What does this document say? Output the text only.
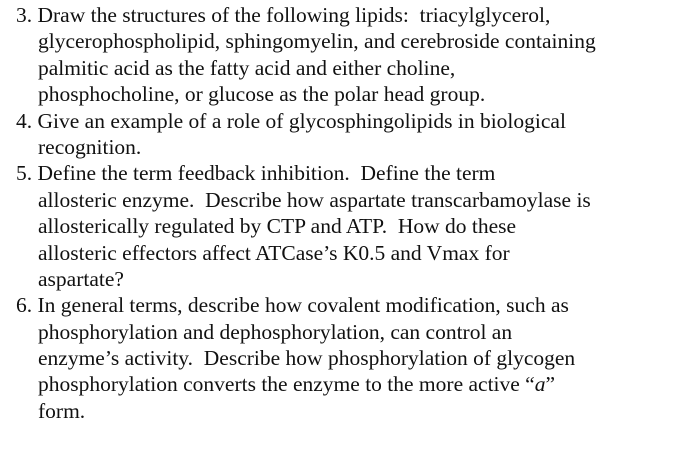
3. Draw the structures of the following lipids:  triacylglycerol,
glycerophospholipid, sphingomyelin, and cerebroside containing
palmitic acid as the fatty acid and either choline,
phosphocholine, or glucose as the polar head group.
4. Give an example of a role of glycosphingolipids in biological
recognition.
5. Define the term feedback inhibition.  Define the term
allosteric enzyme.  Describe how aspartate transcarbamoylase is
allosterically regulated by CTP and ATP.  How do these
allosteric effectors affect ATCase’s K0.5 and Vmax for
aspartate?
6. In general terms, describe how covalent modification, such as
phosphorylation and dephosphorylation, can control an
enzyme’s activity.  Describe how phosphorylation of glycogen
phosphorylation converts the enzyme to the more active “a”
form.
